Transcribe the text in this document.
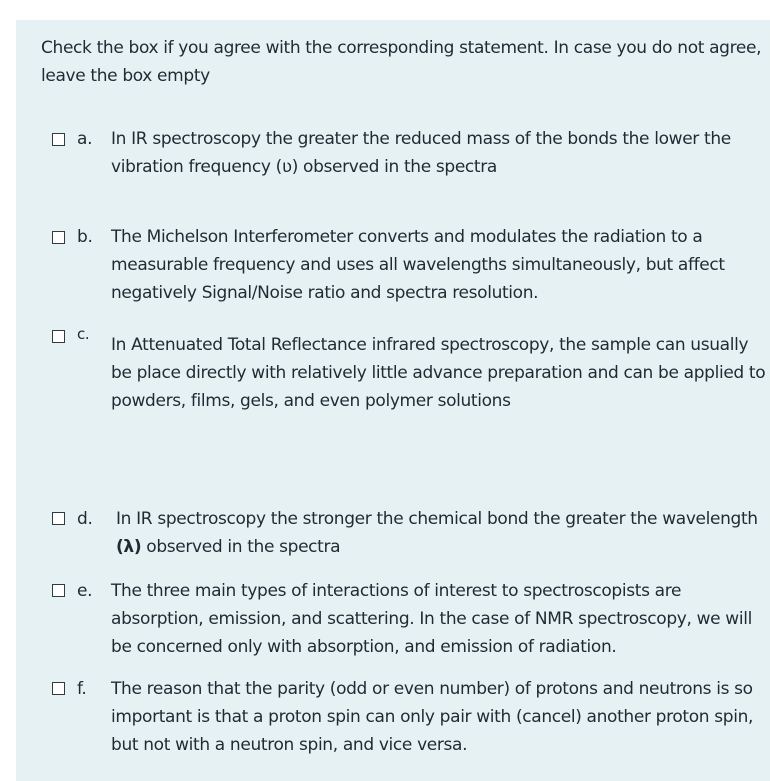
Check the box if you agree with the corresponding statement. In case you do not agree, leave the box empty

a. In IR spectroscopy the greater the reduced mass of the bonds the lower the vibration frequency (ʋ) observed in the spectra

b. The Michelson Interferometer converts and modulates the radiation to a measurable frequency and uses all wavelengths simultaneously, but affect negatively Signal/Noise ratio and spectra resolution.

c.

In Attenuated Total Reflectance infrared spectroscopy, the sample can usually be place directly with relatively little advance preparation and can be applied to powders, films, gels, and even polymer solutions

d. In IR spectroscopy the stronger the chemical bond the greater the wavelength (λ) observed in the spectra

e. The three main types of interactions of interest to spectroscopists are absorption, emission, and scattering. In the case of NMR spectroscopy, we will be concerned only with absorption, and emission of radiation.

f. The reason that the parity (odd or even number) of protons and neutrons is so important is that a proton spin can only pair with (cancel) another proton spin, but not with a neutron spin, and vice versa.
